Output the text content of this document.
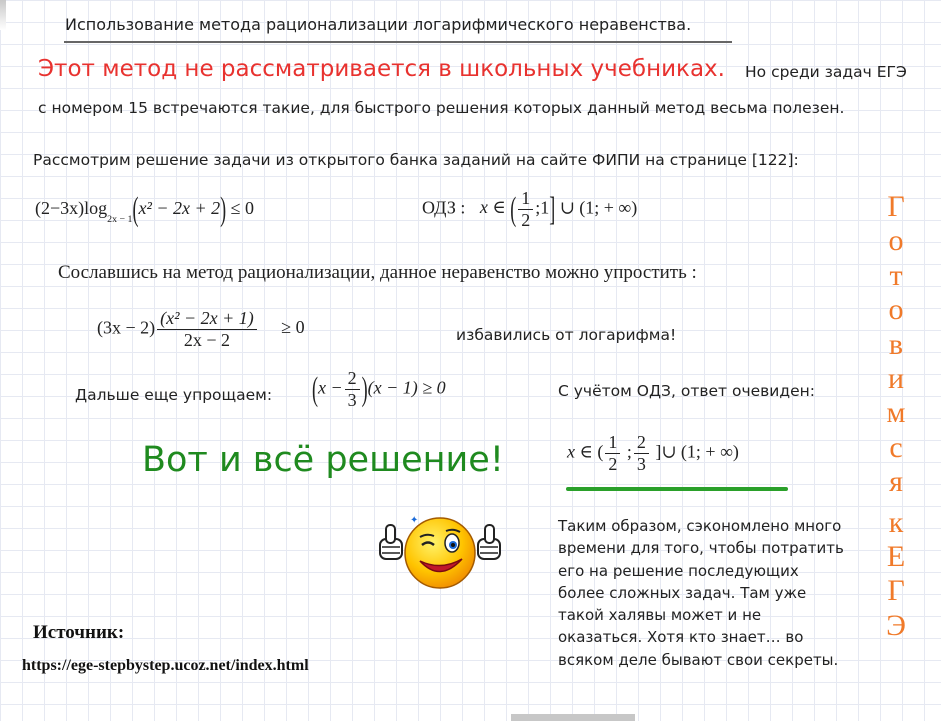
Использование метода рационализации логарифмического неравенства.
Этот метод не рассматривается в школьных учебниках. Но среди задач ЕГЭ
с номером 15 встречаются такие, для быстрого решения которых данный метод весьма полезен.
Рассмотрим решение задачи из открытого банка заданий на сайте ФИПИ на странице [122]:
$(2-3x)\log_{2x - 1}(x^2 - 2x + 2) \le 0$	ОДЗ : x ∈ ( $\frac{1}{2}$ ;1] ∪ (1; + ∞)
Сославшись на метод рационализации, данное неравенство можно упростить :
$(3x - 2) \frac{\text{(x² − 2x + 1)}}{2x - 2} \ge 0$	избавились от логарифма!
Дальше еще упрощаем: $(x - \frac{2}{3} )(x - 1) \ge 0$	С учётом ОДЗ, ответ очевиден:
x ∈ ( $\frac{1}{2}$ ; $\frac{2}{3}$ ]∪ (1; + ∞)
Вот и всё решение!
✦	Таким образом, сэкономлено много времени для того, чтобы потратить его на решение последующих более сложных задач. Там уже такой халявы может и не оказаться. Хотя кто знает… во всяком деле бывают свои секреты.
Источник:
https://ege-stepbystep.ucoz.net/index.html
Г
о
т
о
в
и
м
с
я
к
Е
Г
Э
